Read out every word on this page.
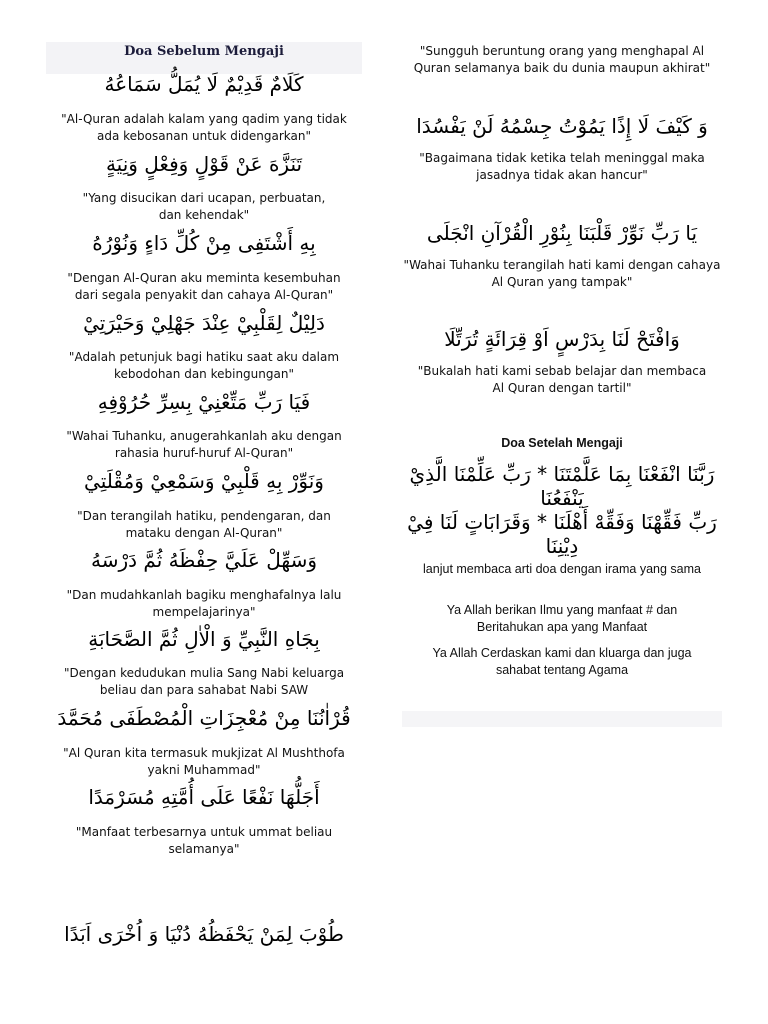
Doa Sebelum Mengaji
كَلَامٌ قَدِيْمٌ لَا يُمَلُّ سَمَاعُهُ
"Al-Quran adalah kalam yang qadim yang tidak ada kebosanan untuk didengarkan"
تَنَزَّهَ عَنْ قَوْلٍ وَفِعْلٍ وَنِيَةٍ
"Yang disucikan dari ucapan, perbuatan, dan kehendak"
بِهِ أَشْتَفِى مِنْ كُلِّ دَاءٍ وَنُوْرُهُ
"Dengan Al-Quran aku meminta kesembuhan dari segala penyakit dan cahaya Al-Quran"
دَلِيْلٌ لِقَلْبِيْ عِنْدَ جَهْلِيْ وَحَيْرَتِيْ
"Adalah petunjuk bagi hatiku saat aku dalam kebodohan dan kebingungan"
فَيَا رَبِّ مَتِّعْنِيْ بِسِرِّ حُرُوْفِهِ
"Wahai Tuhanku, anugerahkanlah aku dengan rahasia huruf-huruf Al-Quran"
وَنَوِّرْ بِهِ قَلْبِيْ وَسَمْعِيْ وَمُقْلَتِيْ
"Dan terangilah hatiku, pendengaran, dan mataku dengan Al-Quran"
وَسَهِّلْ عَلَيَّ حِفْظَهُ ثُمَّ دَرْسَهُ
"Dan mudahkanlah bagiku menghafalnya lalu mempelajarinya"
بِجَاهِ النَّبِيِّ وَ الْاٰلِ ثُمَّ الصَّحَابَةِ
"Dengan kedudukan mulia Sang Nabi keluarga beliau dan para sahabat Nabi SAW
قُرْاٰنُنَا مِنْ مُعْجِزَاتِ الْمُصْطَفَى مُحَمَّدَ
"Al Quran kita termasuk mukjizat Al Mushthofa yakni Muhammad"
أَجَلُّهَا نَفْعًا عَلَى أُمَّتِهِ مُسَرْمَدًا
"Manfaat terbesarnya untuk ummat beliau selamanya"
طُوْبَ لِمَنْ يَحْفَظُهُ دُنْيَا وَ اُخْرَى اَبَدًا
"Sungguh beruntung orang yang menghapal Al Quran selamanya baik du dunia maupun akhirat"
وَ كَيْفَ لَا إِذًا يَمُوْتُ جِسْمُهُ لَنْ يَفْسُدَا
"Bagaimana tidak ketika telah meninggal maka jasadnya tidak akan hancur"
يَا رَبِّ نَوِّرْ قَلْبَنَا بِنُوْرِ الْقُرْآنِ انْجَلَى
"Wahai Tuhanku terangilah hati kami dengan cahaya Al Quran yang tampak"
وَافْتَحْ لَنَا بِدَرْسٍ اَوْ قِرَائَةٍ تُرَتِّلَا
"Bukalah hati kami sebab belajar dan membaca Al Quran dengan tartil"
Doa Setelah Mengaji
رَبَّنَا انْفَعْنَا بِمَا عَلَّمْتَنَا * رَبِّ عَلِّمْنَا الَّذِيْ يَنْفَعُنَا
رَبِّ فَقِّهْنَا وَفَقِّهْ أَهْلَنَا * وَقَرَابَاتٍ لَنَا فِيْ دِيْنِنَا
lanjut membaca arti doa dengan irama yang sama
Ya Allah berikan Ilmu yang manfaat # dan Beritahukan apa yang Manfaat
Ya Allah Cerdaskan kami dan kluarga dan juga sahabat tentang Agama
